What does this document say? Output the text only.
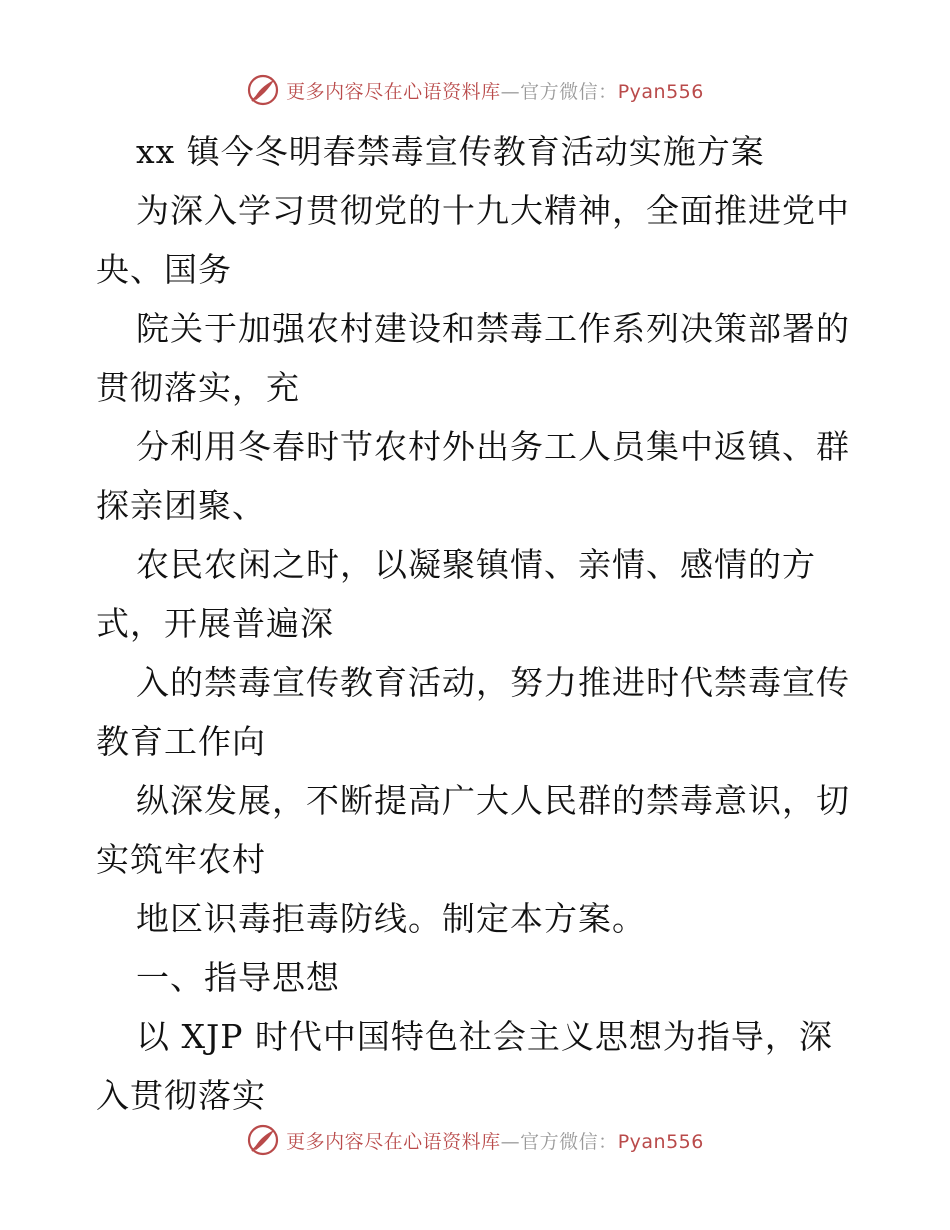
更多内容尽在心语资料库—官方微信：Pyan556
xx 镇今冬明春禁毒宣传教育活动实施方案
为深入学习贯彻党的十九大精神，全面推进党中
央、国务
院关于加强农村建设和禁毒工作系列决策部署的
贯彻落实，充
分利用冬春时节农村外出务工人员集中返镇、群
探亲团聚、
农民农闲之时，以凝聚镇情、亲情、感情的方
式，开展普遍深
入的禁毒宣传教育活动，努力推进时代禁毒宣传
教育工作向
纵深发展，不断提高广大人民群的禁毒意识，切
实筑牢农村
地区识毒拒毒防线。制定本方案。
一、指导思想
以 XJP 时代中国特色社会主义思想为指导，深
入贯彻落实
更多内容尽在心语资料库—官方微信：Pyan556
